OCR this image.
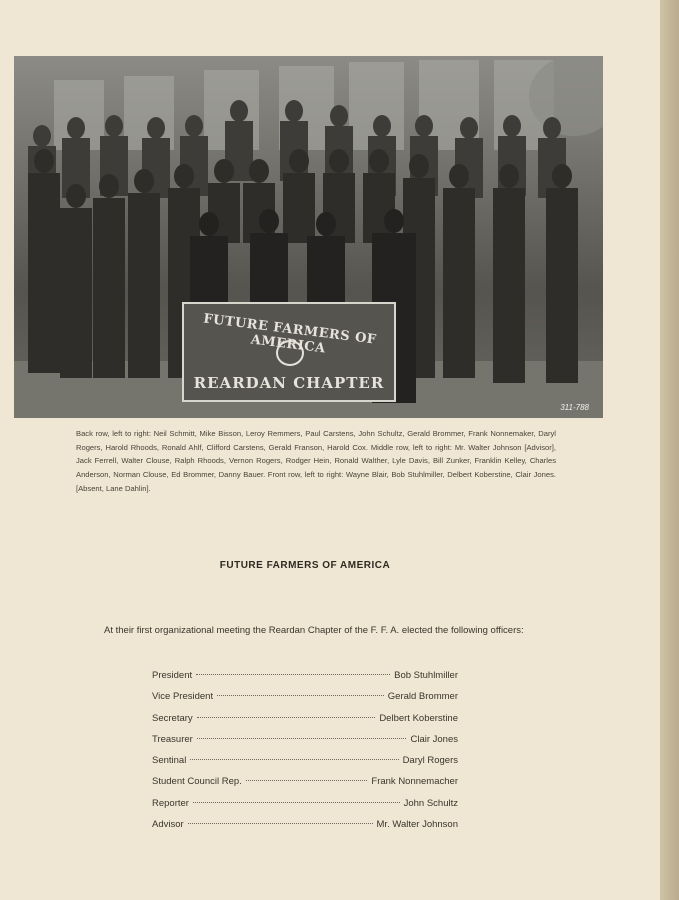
FUTURE FARMERS OF AMERICA
REARDAN CHAPTER
311-788
Back row, left to right: Neil Schmitt, Mike Bisson, Leroy Remmers, Paul Carstens, John Schultz, Gerald Brommer, Frank Nonnemaker, Daryl Rogers, Harold Rhoods, Ronald Ahlf, Clifford Carstens, Gerald Franson, Harold Cox. Middle row, left to right: Mr. Walter Johnson [Advisor], Jack Ferrell, Walter Clouse, Ralph Rhoods, Vernon Rogers, Rodger Hein, Ronald Walther, Lyle Davis, Bill Zunker, Franklin Kelley, Charles Anderson, Norman Clouse, Ed Brommer, Danny Bauer. Front row, left to right: Wayne Blair, Bob Stuhlmiller, Delbert Koberstine, Clair Jones. [Absent, Lane Dahlin].
FUTURE FARMERS OF AMERICA
At their first organizational meeting the Reardan Chapter of the F. F. A. elected the following officers:
President	Bob Stuhlmiller
Vice President	Gerald Brommer
Secretary	Delbert Koberstine
Treasurer	Clair Jones
Sentinal	Daryl Rogers
Student Council Rep.	Frank Nonnemacher
Reporter	John Schultz
Advisor	Mr. Walter Johnson
